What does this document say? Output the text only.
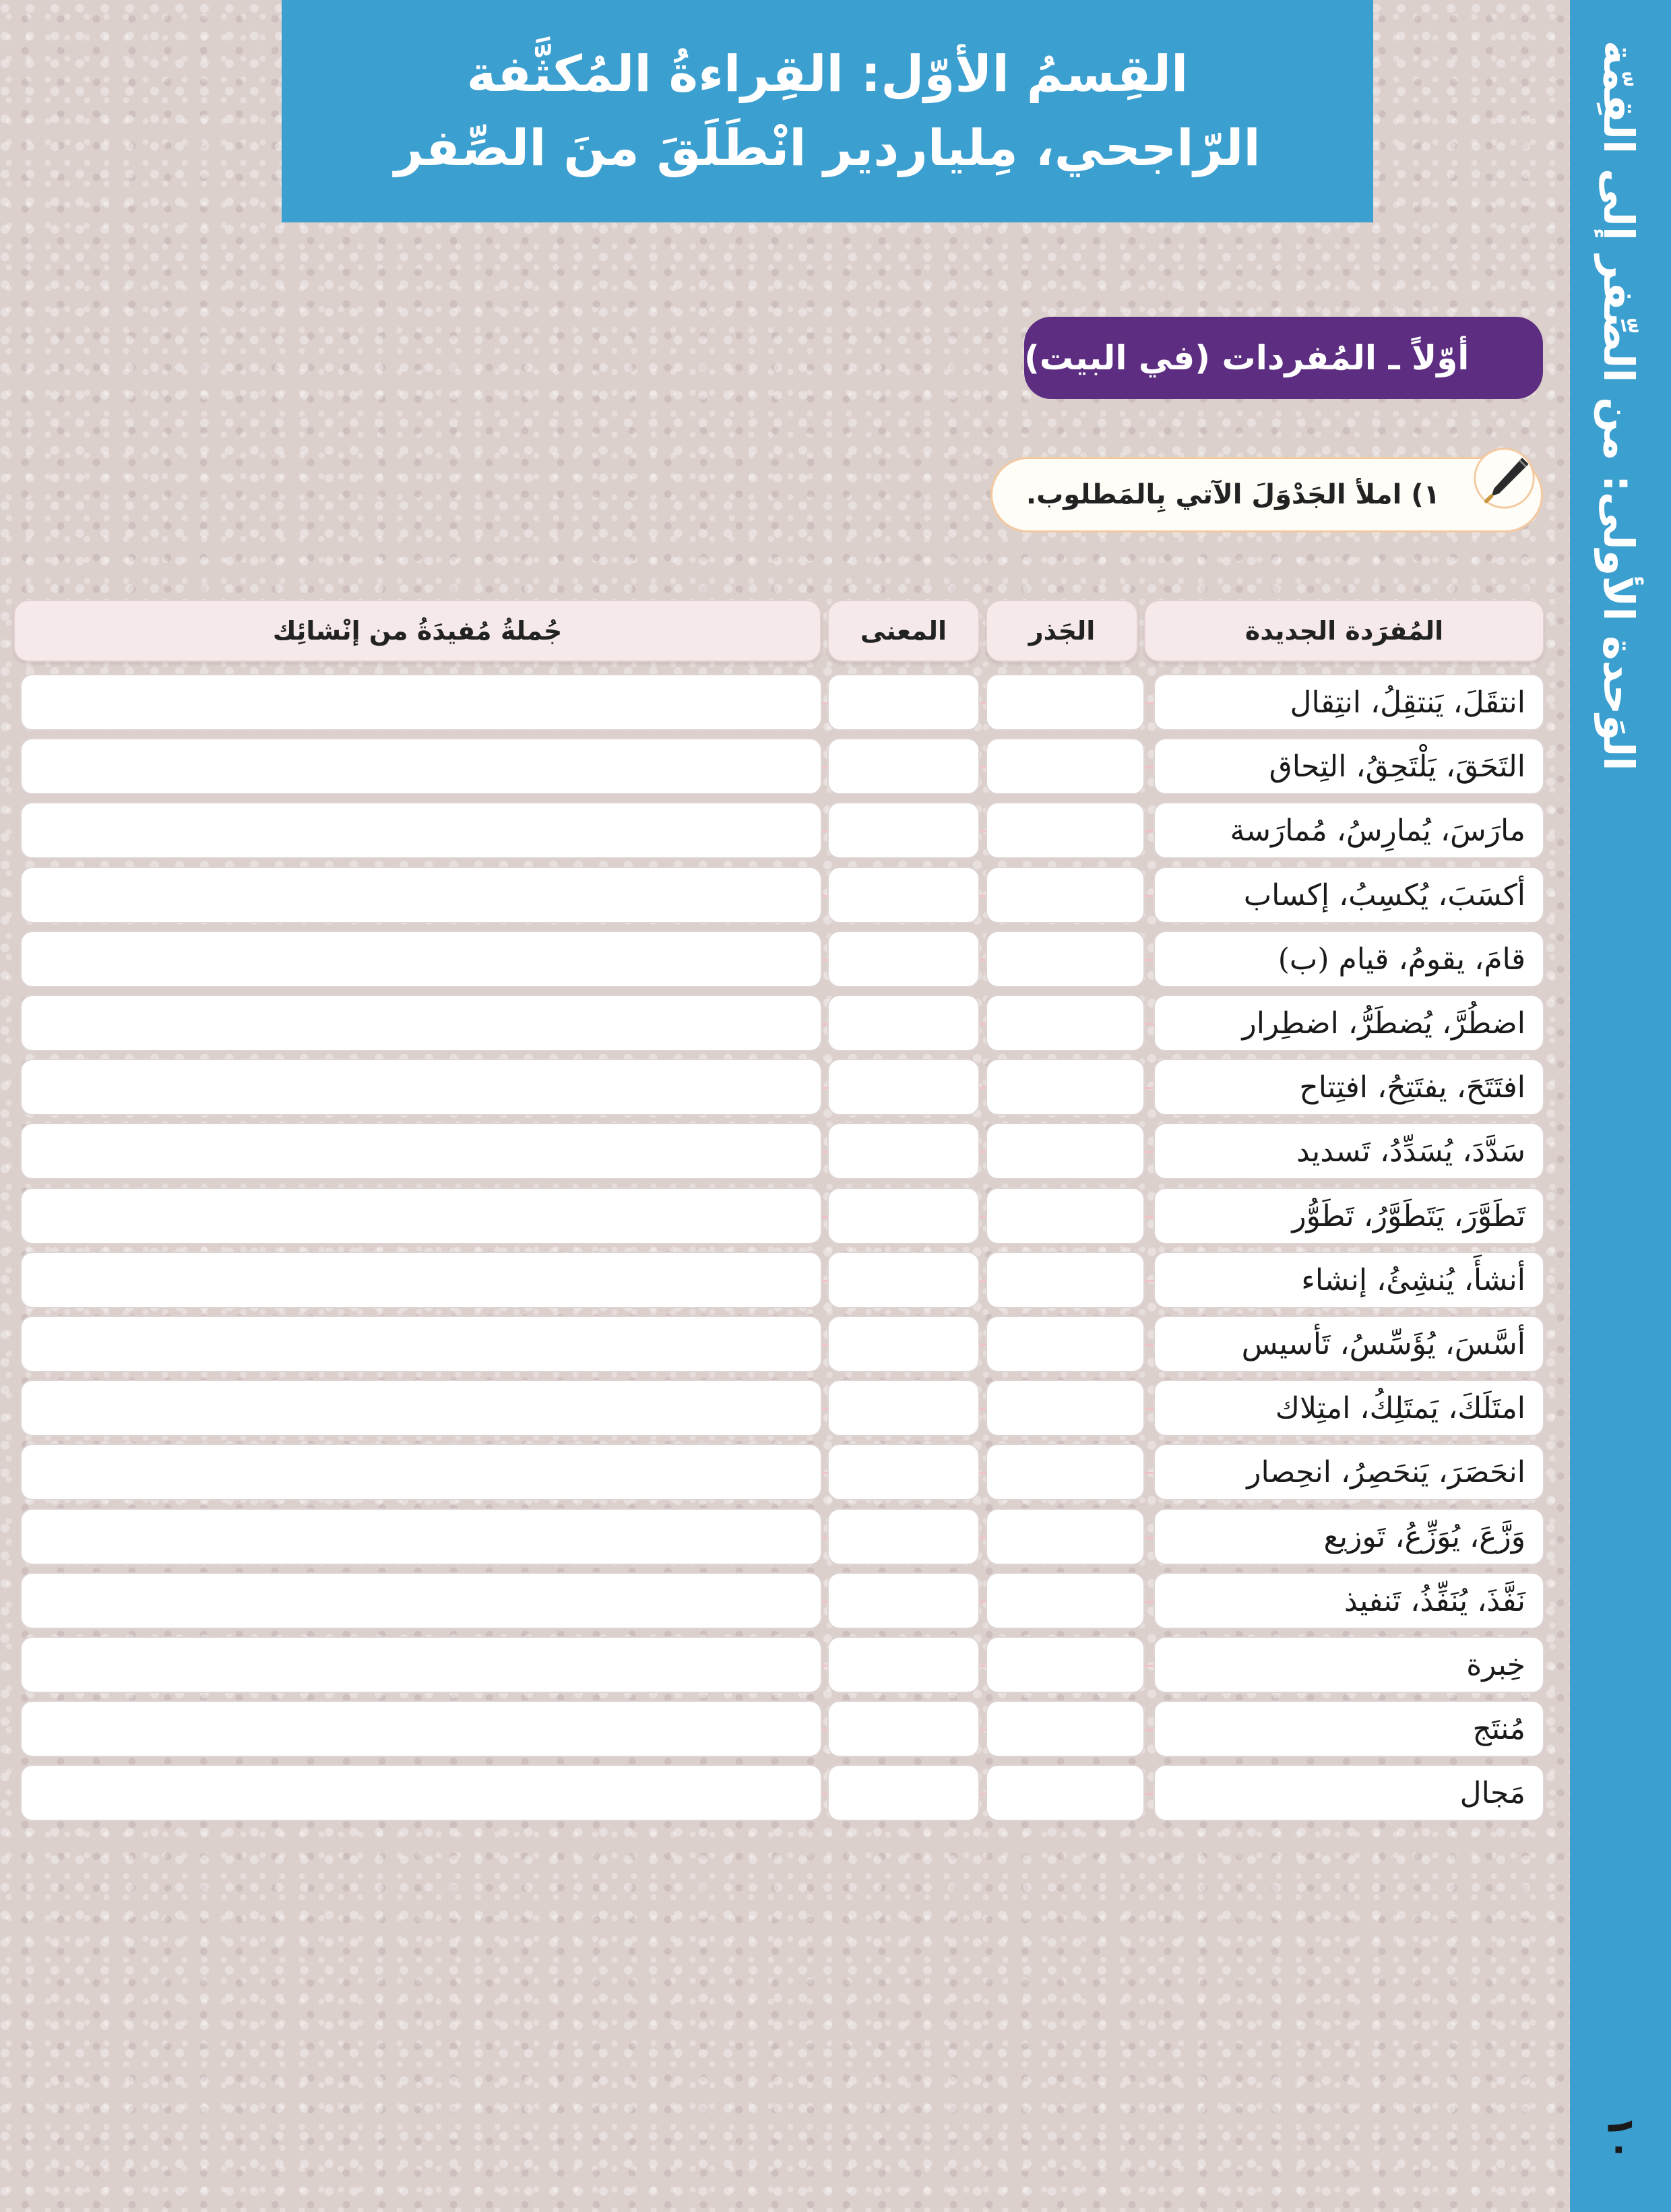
الوَحدة الأولى: من الصِّفر إلى القِمّة
١٠
القِسمُ الأوّل: القِراءةُ المُكثَّفة
الرّاجحي، مِلياردير انْطَلَقَ منَ الصِّفر
أوّلاً ـ المُفردات (في البيت)
١) املأ الجَدْوَلَ الآتي بِالمَطلوب.
المُفرَدة الجديدة
الجَذر
المعنى
جُملةُ مُفيدَةُ من إنْشائِك
انتقَلَ، يَنتقِلُ، انتِقال
التَحَقَ، يَلْتَحِقُ، التِحاق
مارَسَ، يُمارِسُ، مُمارَسة
أكسَبَ، يُكسِبُ، إكساب
قامَ، يقومُ، قيام (ب)
اضطُرَّ، يُضطَرُّ، اضطِرار
افتَتَحَ، يفتَتِحُ، افتِتاح
سَدَّدَ، يُسَدِّدُ، تَسديد
تَطَوَّرَ، يَتَطَوَّرُ، تَطَوُّر
أنشأَ، يُنشِئُ، إنشاء
أسَّسَ، يُؤَسِّسُ، تَأسيس
امتَلَكَ، يَمتَلِكُ، امتِلاك
انحَصَرَ، يَنحَصِرُ، انحِصار
وَزَّعَ، يُوَزِّعُ، تَوزيع
نَفَّذَ، يُنَفِّذُ، تَنفيذ
خِبرة
مُنتَج
مَجال
